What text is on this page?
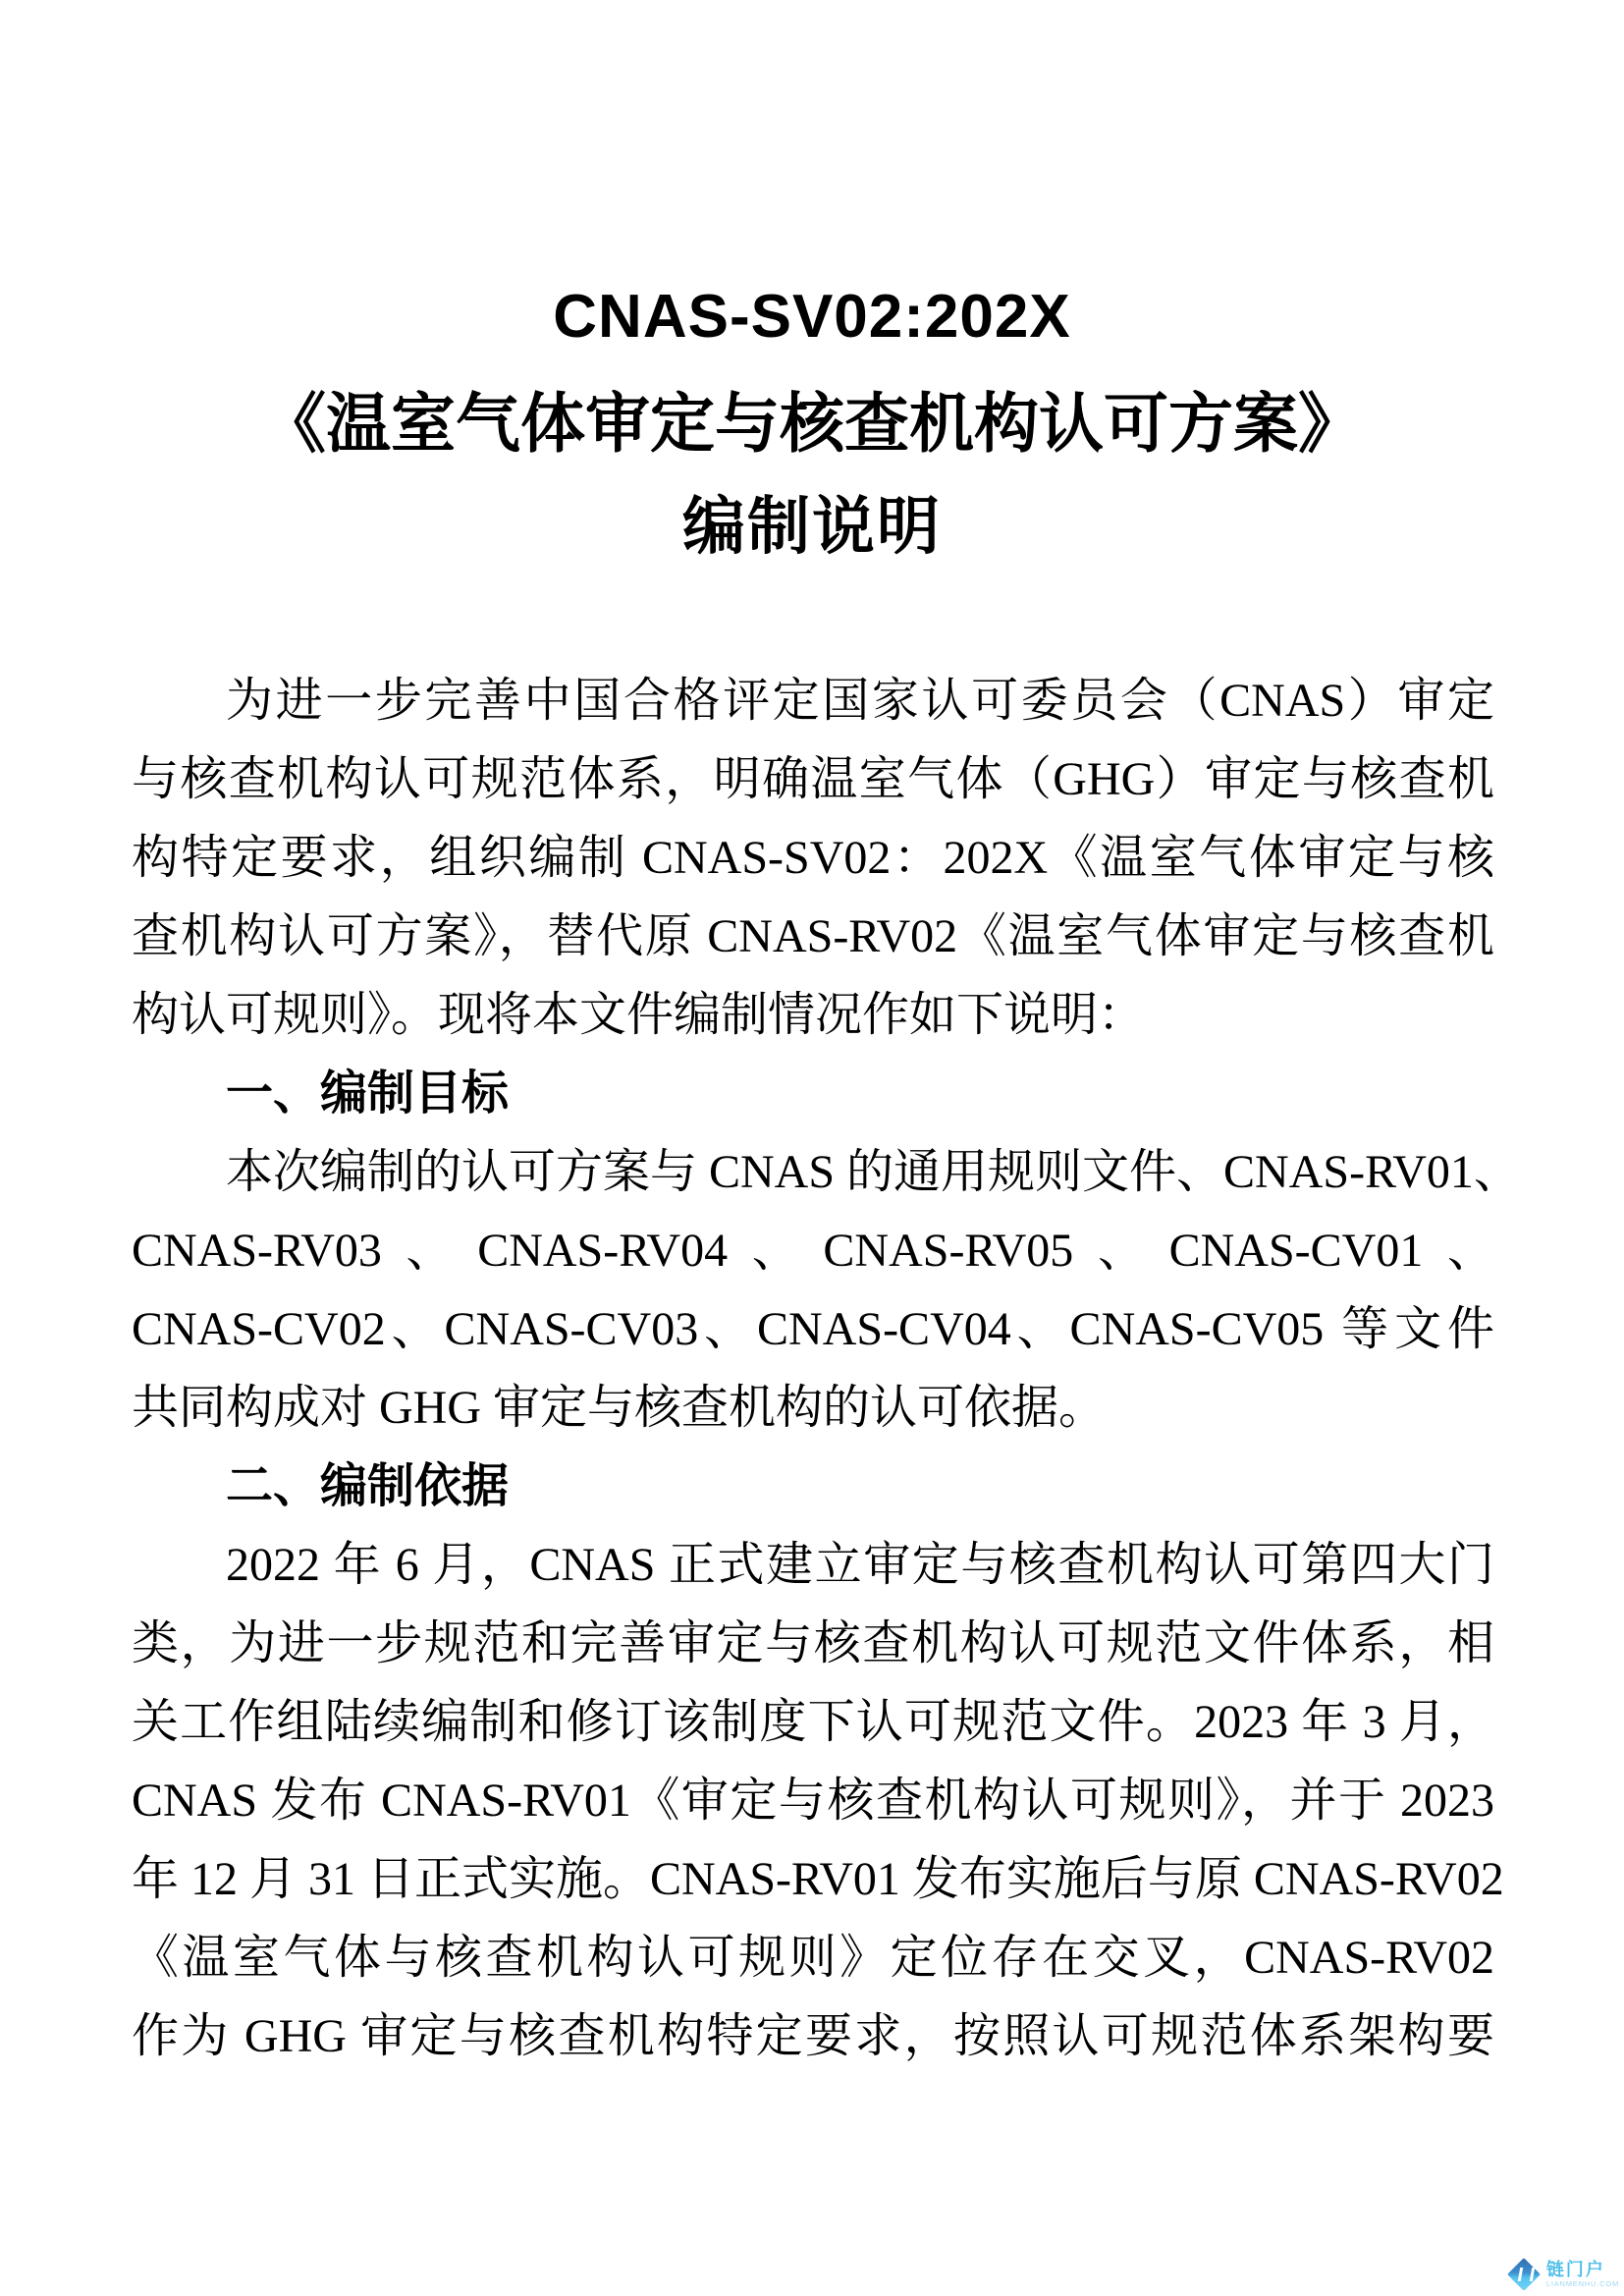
CNAS-SV02:202X
《温室气体审定与核查机构认可方案》
编制说明
为进一步完善中国合格评定国家认可委员会（CNAS）审定
与核查机构认可规范体系，明确温室气体（GHG）审定与核查机
构特定要求，组织编制 CNAS-SV02：202X《温室气体审定与核
查机构认可方案》，替代原 CNAS-RV02《温室气体审定与核查机
构认可规则》。现将本文件编制情况作如下说明：
一、编制目标
本次编制的认可方案与 CNAS 的通用规则文件、CNAS-RV01、
CNAS-RV03、CNAS-RV04、CNAS-RV05、CNAS-CV01、
CNAS-CV02、CNAS-CV03、CNAS-CV04、CNAS-CV05 等文件
共同构成对 GHG 审定与核查机构的认可依据。
二、编制依据
2022 年 6 月，CNAS 正式建立审定与核查机构认可第四大门
类，为进一步规范和完善审定与核查机构认可规范文件体系，相
关工作组陆续编制和修订该制度下认可规范文件。2023 年 3 月，
CNAS 发布 CNAS-RV01《审定与核查机构认可规则》，并于 2023
年 12 月 31 日正式实施。CNAS-RV01 发布实施后与原 CNAS-RV02
《温室气体与核查机构认可规则》定位存在交叉，CNAS-RV02
作为 GHG 审定与核查机构特定要求，按照认可规范体系架构要
链门户
LIANMENHU.COM
